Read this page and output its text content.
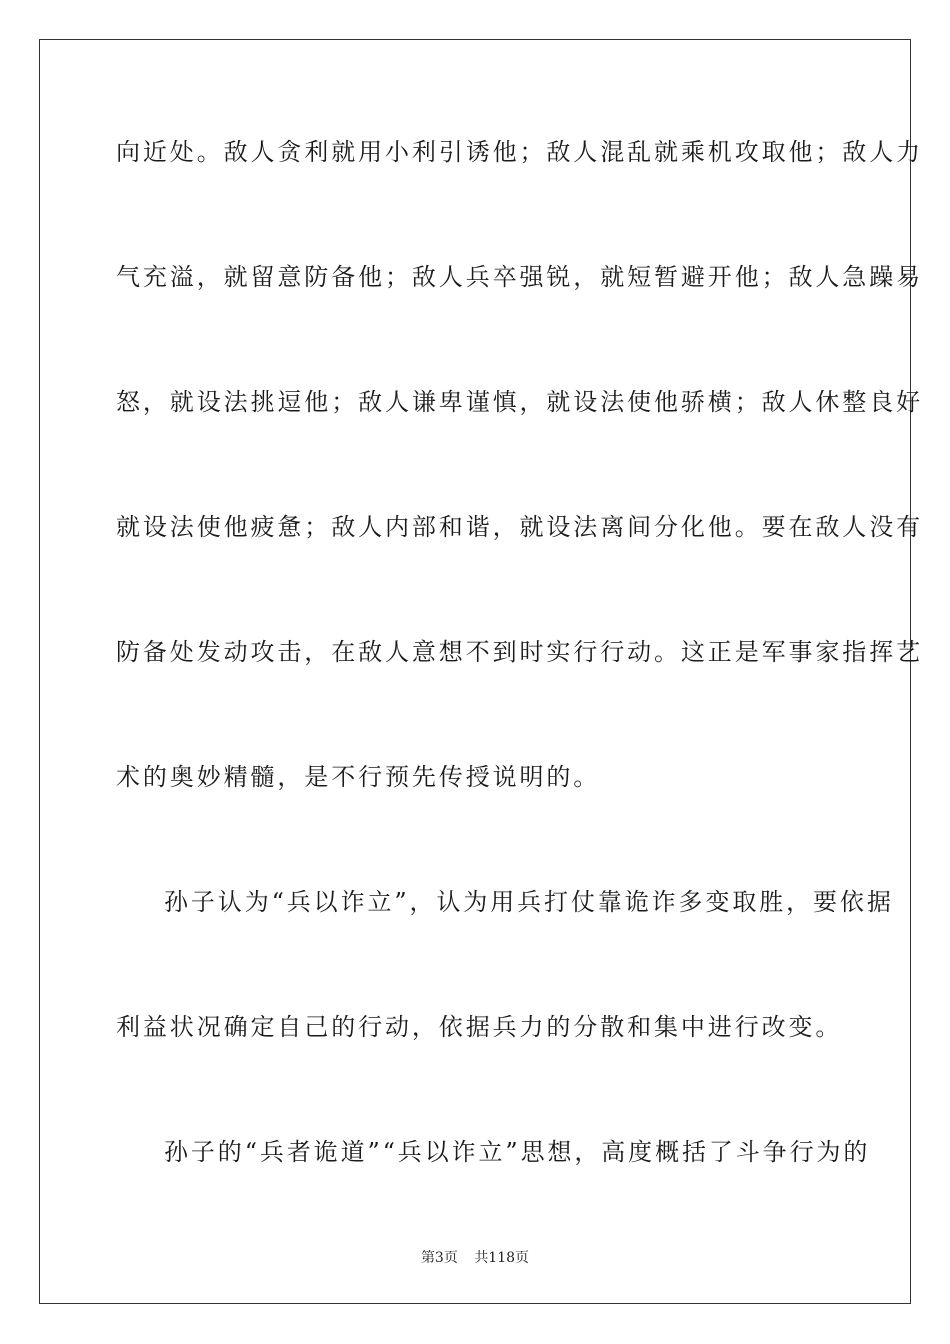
向近处。敌人贪利就用小利引诱他；敌人混乱就乘机攻取他；敌人力
气充溢，就留意防备他；敌人兵卒强锐，就短暂避开他；敌人急躁易
怒，就设法挑逗他；敌人谦卑谨慎，就设法使他骄横；敌人休整良好
就设法使他疲惫；敌人内部和谐，就设法离间分化他。要在敌人没有
防备处发动攻击，在敌人意想不到时实行行动。这正是军事家指挥艺
术的奥妙精髓，是不行预先传授说明的。
孙子认为“兵以诈立”，认为用兵打仗靠诡诈多变取胜，要依据
利益状况确定自己的行动，依据兵力的分散和集中进行改变。
孙子的“兵者诡道”“兵以诈立”思想，高度概括了斗争行为的
第3页 共118页
